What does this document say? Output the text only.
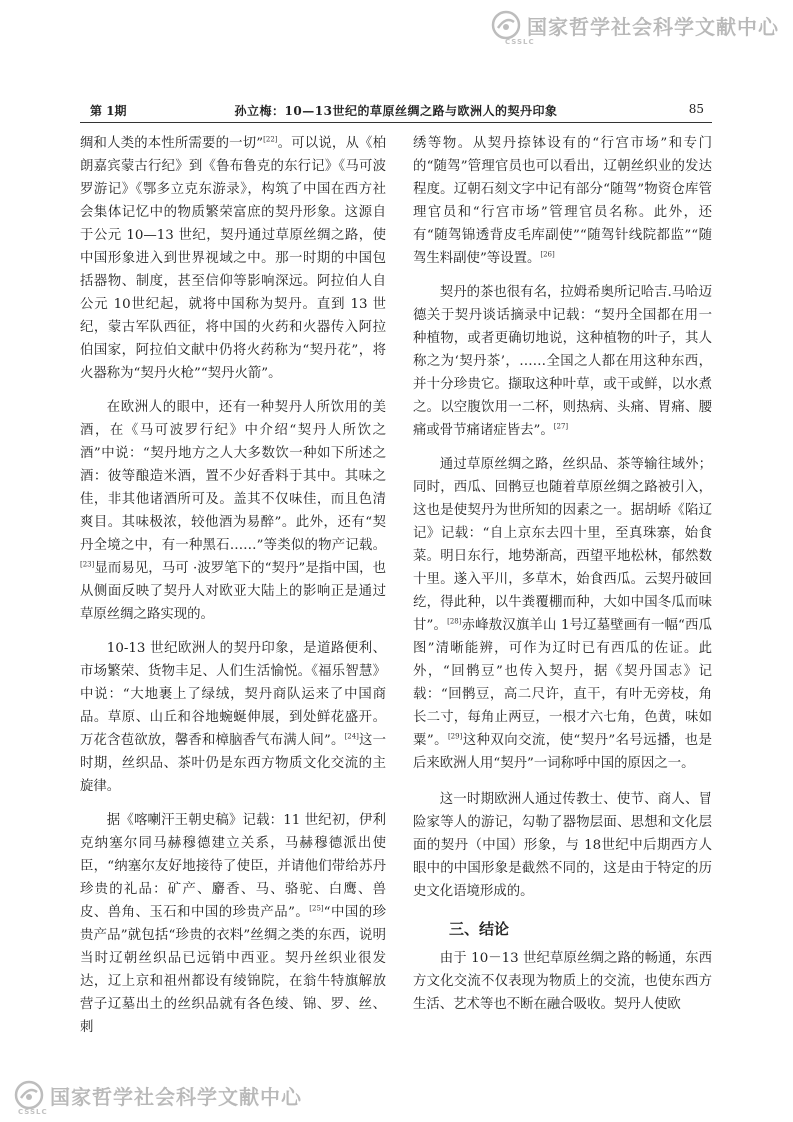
国家哲学社会科学文献中心
CSSLC
国家哲学社会科学文献中心
CSSLC
孙立梅：10—13世纪的草原丝绸之路与欧洲人的契丹印象
第 1期	85

绸和人类的本性所需要的一切”[22]。可以说，从《柏朗嘉宾蒙古行纪》到《鲁布鲁克的东行记》《马可波罗游记》《鄂多立克东游录》，构筑了中国在西方社会集体记忆中的物质繁荣富庶的契丹形象。这源自于公元 10—13 世纪，契丹通过草原丝绸之路，使中国形象进入到世界视域之中。那一时期的中国包括器物、制度，甚至信仰等影响深远。阿拉伯人自公元 10世纪起，就将中国称为契丹。直到 13 世纪，蒙古军队西征，将中国的火药和火器传入阿拉伯国家，阿拉伯文献中仍将火药称为“契丹花”，将火器称为“契丹火枪”“契丹火箭”。

在欧洲人的眼中，还有一种契丹人所饮用的美酒，在《马可波罗行纪》中介绍“契丹人所饮之酒”中说：“契丹地方之人大多数饮一种如下所述之酒：彼等酿造米酒，置不少好香料于其中。其味之佳，非其他诸酒所可及。盖其不仅味佳，而且色清爽目。其味极浓，较他酒为易醉”。此外，还有“契丹全境之中，有一种黑石……”等类似的物产记载。[23]显而易见，马可 ·波罗笔下的“契丹”是指中国，也从侧面反映了契丹人对欧亚大陆上的影响正是通过草原丝绸之路实现的。

10-13 世纪欧洲人的契丹印象，是道路便利、市场繁荣、货物丰足、人们生活愉悦。《福乐智慧》中说：“大地裹上了绿绒，契丹商队运来了中国商品。草原、山丘和谷地蜿蜒伸展，到处鲜花盛开。万花含苞欲放，馨香和樟脑香气布满人间”。[24]这一时期，丝织品、茶叶仍是东西方物质文化交流的主旋律。

据《喀喇汗王朝史稿》记载：11 世纪初，伊利克纳塞尔同马赫穆德建立关系，马赫穆德派出使臣，“纳塞尔友好地接待了使臣，并请他们带给苏丹珍贵的礼品：矿产、麝香、马、骆驼、白鹰、兽皮、兽角、玉石和中国的珍贵产品”。[25]“中国的珍贵产品”就包括“珍贵的衣料”丝绸之类的东西，说明当时辽朝丝织品已远销中西亚。契丹丝织业很发达，辽上京和祖州都设有绫锦院，在翁牛特旗解放营子辽墓出土的丝织品就有各色绫、锦、罗、丝、刺

绣等物。从契丹捺钵设有的“行宫市场”和专门的“随驾”管理官员也可以看出，辽朝丝织业的发达程度。辽朝石刻文字中记有部分“随驾”物资仓库管理官员和“行宫市场”管理官员名称。此外，还有“随驾锦透背皮毛库副使”“随驾针线院都监”“随驾生料副使”等设置。[26]

契丹的茶也很有名，拉姆希奥所记哈吉.马哈迈德关于契丹谈话摘录中记载：“契丹全国都在用一种植物，或者更确切地说，这种植物的叶子，其人称之为‘契丹茶’，……全国之人都在用这种东西，并十分珍贵它。撷取这种叶草，或干或鲜，以水煮之。以空腹饮用一二杯，则热病、头痛、胃痛、腰痛或骨节痛诸症皆去”。[27]

通过草原丝绸之路，丝织品、茶等输往域外；同时，西瓜、回鹘豆也随着草原丝绸之路被引入，这也是使契丹为世所知的因素之一。据胡峤《陷辽记》记载：“自上京东去四十里，至真珠寨，始食菜。明日东行，地势渐高，西望平地松林，郁然数十里。遂入平川，多草木，始食西瓜。云契丹破回纥，得此种，以牛粪覆棚而种，大如中国冬瓜而味甘”。[28]赤峰敖汉旗羊山 1号辽墓壁画有一幅“西瓜图”清晰能辨，可作为辽时已有西瓜的佐证。此外，“回鹘豆”也传入契丹，据《契丹国志》记载：“回鹘豆，高二尺许，直干，有叶无旁枝，角长二寸，每角止两豆，一根才六七角，色黄，味如粟”。[29]这种双向交流，使“契丹”名号远播，也是后来欧洲人用“契丹”一词称呼中国的原因之一。

这一时期欧洲人通过传教士、使节、商人、冒险家等人的游记，勾勒了器物层面、思想和文化层面的契丹（中国）形象，与 18世纪中后期西方人眼中的中国形象是截然不同的，这是由于特定的历史文化语境形成的。

三、结论

由于 10－13 世纪草原丝绸之路的畅通，东西方文化交流不仅表现为物质上的交流，也使东西方生活、艺术等也不断在融合吸收。契丹人使欧
